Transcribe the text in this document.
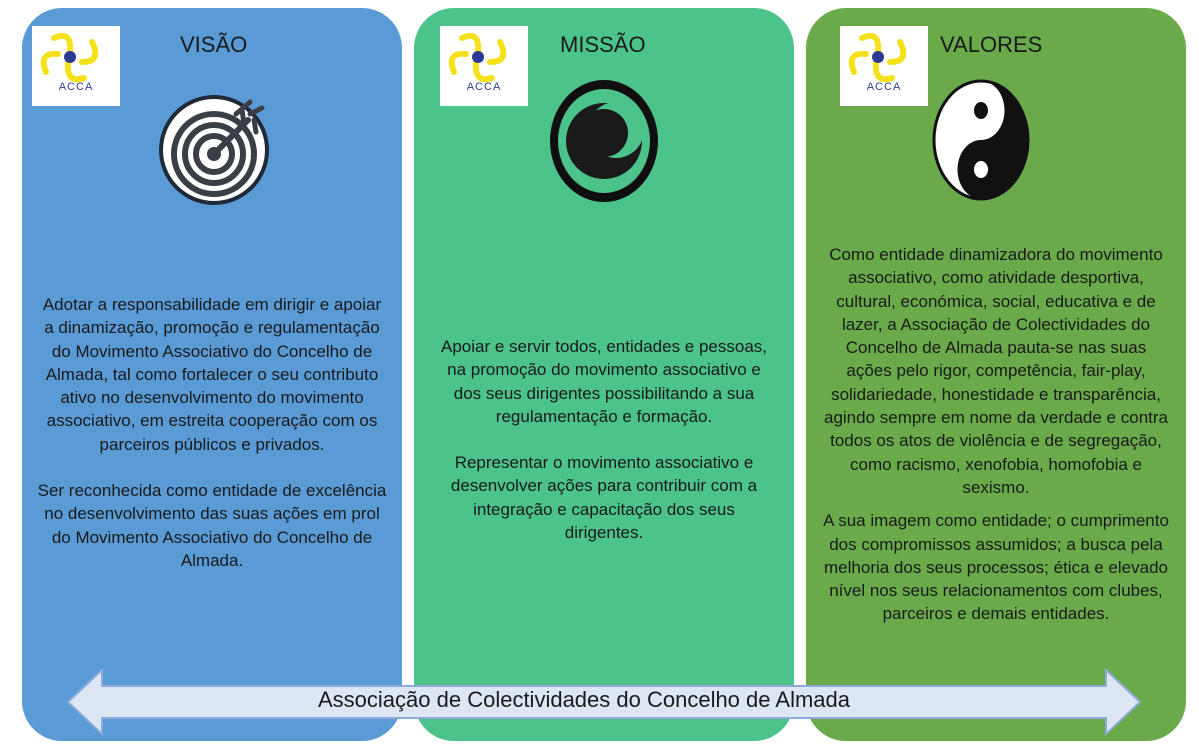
ACCA
VISÃO

Adotar a responsabilidade em dirigir e apoiar a dinamização, promoção e regulamentação do Movimento Associativo do Concelho de Almada, tal como fortalecer o seu contributo ativo no desenvolvimento do movimento associativo, em estreita cooperação com os parceiros públicos e privados.

Ser reconhecida como entidade de excelência no desenvolvimento das suas ações em prol do Movimento Associativo do Concelho de Almada.

ACCA
MISSÃO

Apoiar e servir todos, entidades e pessoas, na promoção do movimento associativo e dos seus dirigentes possibilitando a sua regulamentação e formação.

Representar o movimento associativo e desenvolver ações para contribuir com a integração e capacitação dos seus dirigentes.

ACCA
VALORES

Como entidade dinamizadora do movimento associativo, como atividade desportiva, cultural, económica, social, educativa e de lazer, a Associação de Colectividades do Concelho de Almada pauta-se nas suas ações pelo rigor, competência, fair-play, solidariedade, honestidade e transparência, agindo sempre em nome da verdade e contra todos os atos de violência e de segregação, como racismo, xenofobia, homofobia e sexismo.

A sua imagem como entidade; o cumprimento dos compromissos assumidos; a busca pela melhoria dos seus processos; ética e elevado nível nos seus relacionamentos com clubes, parceiros e demais entidades.

Associação de Colectividades do Concelho de Almada
